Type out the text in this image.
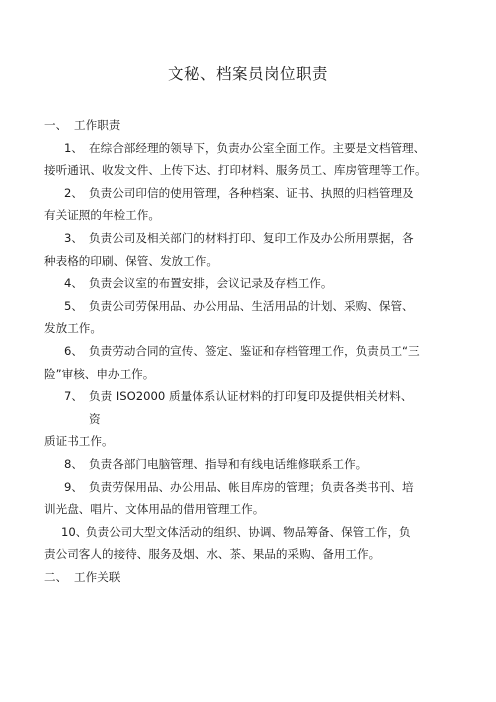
文秘、档案员岗位职责

一、 工作职责

1、 在综合部经理的领导下，负责办公室全面工作。主要是文档管理、
接听通讯、收发文件、上传下达、打印材料、服务员工、库房管理等工作。

2、 负责公司印信的使用管理，各种档案、证书、执照的归档管理及
有关证照的年检工作。

3、 负责公司及相关部门的材料打印、复印工作及办公所用票据，各
种表格的印刷、保管、发放工作。

4、 负责会议室的布置安排，会议记录及存档工作。

5、 负责公司劳保用品、办公用品、生活用品的计划、采购、保管、
发放工作。

6、 负责劳动合同的宣传、签定、鉴证和存档管理工作，负责员工“三
险”审核、申办工作。

7、 负责 ISO2000 质量体系认证材料的打印复印及提供相关材料、
资
质证书工作。

8、 负责各部门电脑管理、指导和有线电话维修联系工作。

9、 负责劳保用品、办公用品、帐目库房的管理；负责各类书刊、培
训光盘、唱片、文体用品的借用管理工作。

10、负责公司大型文体活动的组织、协调、物品筹备、保管工作，负
责公司客人的接待、服务及烟、水、茶、果品的采购、备用工作。

二、 工作关联
